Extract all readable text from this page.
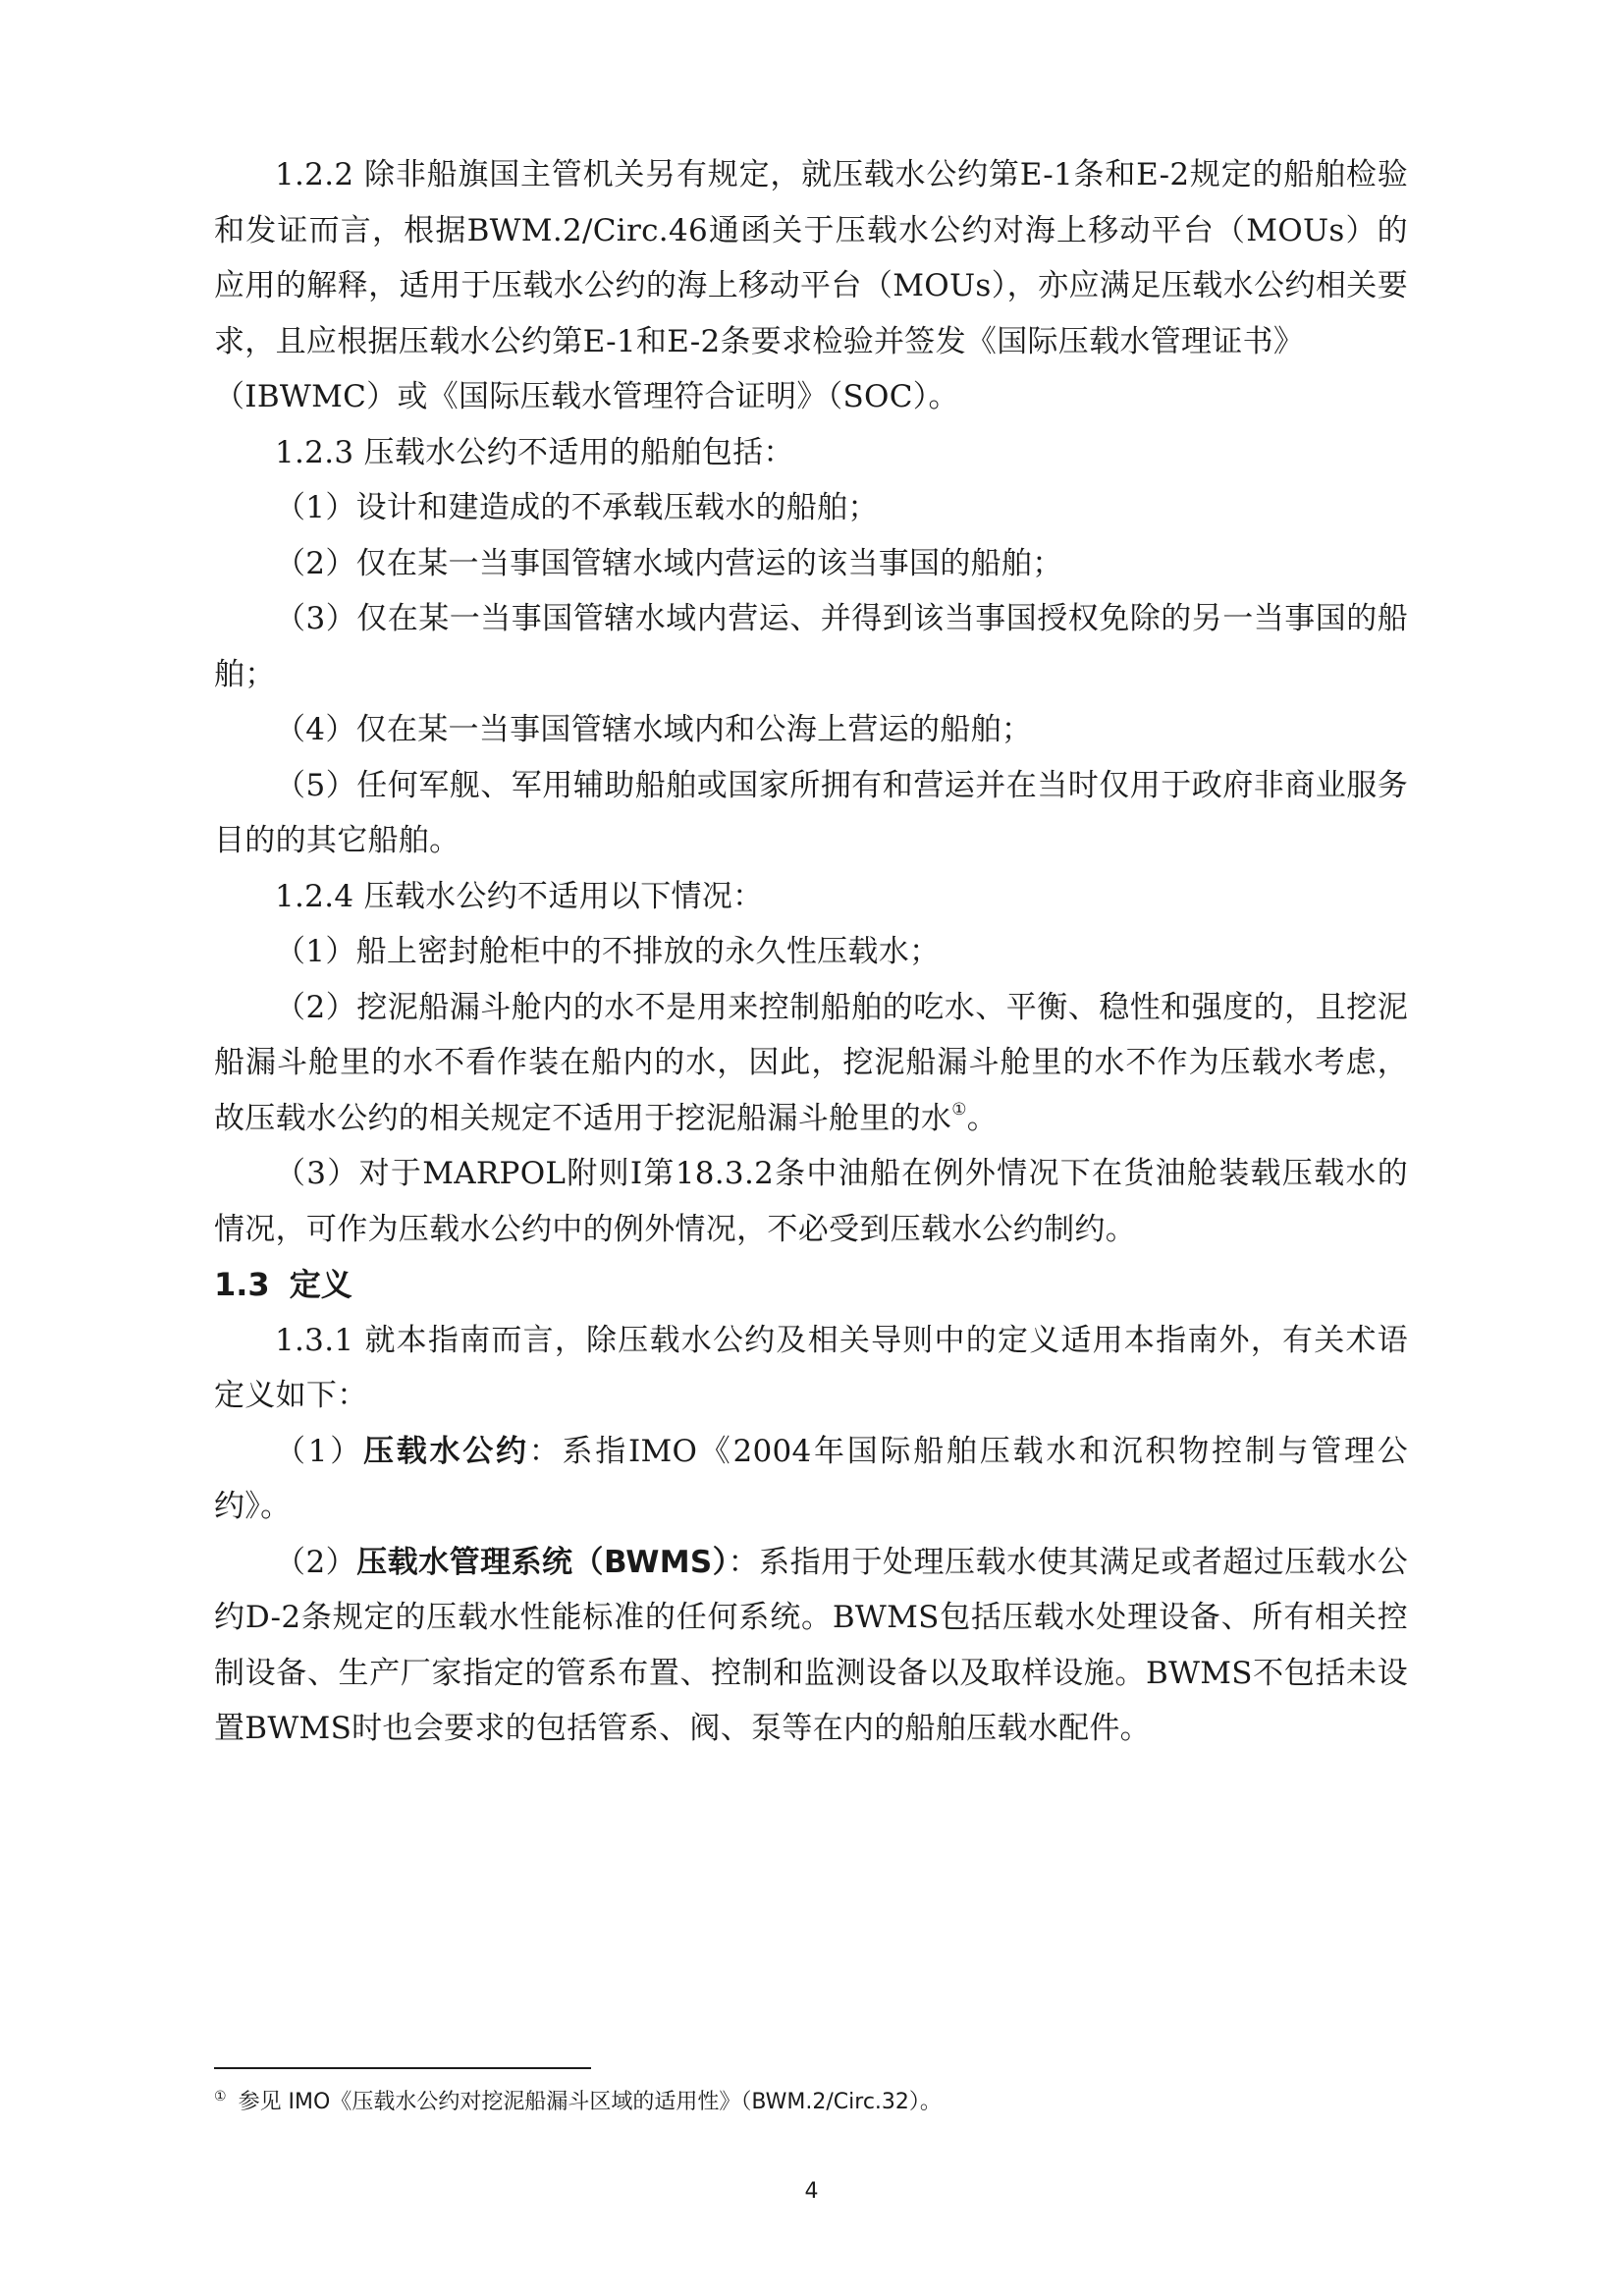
1.2.2 除非船旗国主管机关另有规定，就压载水公约第E-1条和E-2规定的船舶检验和发证而言，根据BWM.2/Circ.46通函关于压载水公约对海上移动平台（MOUs）的应用的解释，适用于压载水公约的海上移动平台（MOUs），亦应满足压载水公约相关要求，且应根据压载水公约第E-1和E-2条要求检验并签发《国际压载水管理证书》

（IBWMC）或《国际压载水管理符合证明》（SOC）。

1.2.3 压载水公约不适用的船舶包括：

（1）设计和建造成的不承载压载水的船舶；

（2）仅在某一当事国管辖水域内营运的该当事国的船舶；

（3）仅在某一当事国管辖水域内营运、并得到该当事国授权免除的另一当事国的船舶；

（4）仅在某一当事国管辖水域内和公海上营运的船舶；

（5）任何军舰、军用辅助船舶或国家所拥有和营运并在当时仅用于政府非商业服务目的的其它船舶。

1.2.4 压载水公约不适用以下情况：

（1）船上密封舱柜中的不排放的永久性压载水；

（2）挖泥船漏斗舱内的水不是用来控制船舶的吃水、平衡、稳性和强度的，且挖泥船漏斗舱里的水不看作装在船内的水，因此，挖泥船漏斗舱里的水不作为压载水考虑，故压载水公约的相关规定不适用于挖泥船漏斗舱里的水①。

（3）对于MARPOL附则I第18.3.2条中油船在例外情况下在货油舱装载压载水的情况，可作为压载水公约中的例外情况，不必受到压载水公约制约。

1.3 定义

1.3.1 就本指南而言，除压载水公约及相关导则中的定义适用本指南外，有关术语定义如下：

（1）压载水公约：系指IMO《2004年国际船舶压载水和沉积物控制与管理公约》。

（2）压载水管理系统（BWMS）：系指用于处理压载水使其满足或者超过压载水公约D-2条规定的压载水性能标准的任何系统。BWMS包括压载水处理设备、所有相关控制设备、生产厂家指定的管系布置、控制和监测设备以及取样设施。BWMS不包括未设置BWMS时也会要求的包括管系、阀、泵等在内的船舶压载水配件。

① 参见 IMO《压载水公约对挖泥船漏斗区域的适用性》（BWM.2/Circ.32）。
4
